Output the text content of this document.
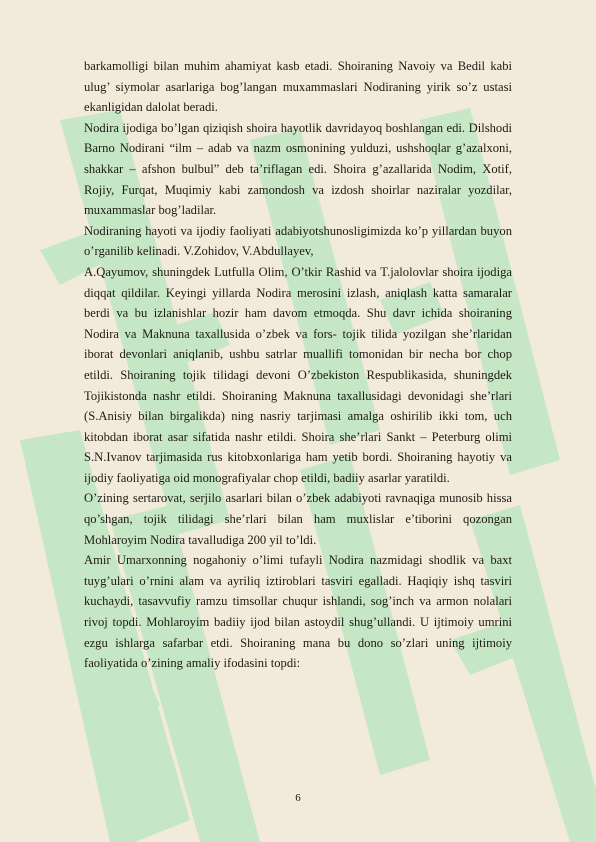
barkamolligi bilan muhim ahamiyat kasb etadi. Shoiraning Navoiy va Bedil kabi ulug’ siymolar asarlariga bog’langan muxammaslari Nodiraning yirik so’z ustasi ekanligidan dalolat beradi.

Nodira ijodiga bo’lgan qiziqish shoira hayotlik davridayoq boshlangan edi. Dilshodi Barno Nodirani “ilm – adab va nazm osmonining yulduzi, ushshoqlar g’azalxoni, shakkar – afshon bulbul” deb ta’riflagan edi. Shoira g’azallarida Nodim, Xotif, Rojiy, Furqat, Muqimiy kabi zamondosh va izdosh shoirlar naziralar yozdilar, muxammaslar bog’ladilar.

Nodiraning hayoti va ijodiy faoliyati adabiyotshunosligimizda ko’p yillardan buyon o’rganilib kelinadi. V.Zohidov, V.Abdullayev,

A.Qayumov, shuningdek Lutfulla Olim, O’tkir Rashid va T.jalolovlar shoira ijodiga diqqat qildilar. Keyingi yillarda Nodira merosini izlash, aniqlash katta samaralar berdi va bu izlanishlar hozir ham davom etmoqda. Shu davr ichida shoiraning Nodira va Maknuna taxallusida o’zbek va fors- tojik tilida yozilgan she’rlaridan iborat devonlari aniqlanib, ushbu satrlar muallifi tomonidan bir necha bor chop etildi. Shoiraning tojik tilidagi devoni O’zbekiston Respublikasida, shuningdek Tojikistonda nashr etildi. Shoiraning Maknuna taxallusidagi devonidagi she’rlari (S.Anisiy bilan birgalikda) ning nasriy tarjimasi amalga oshirilib ikki tom, uch kitobdan iborat asar sifatida nashr etildi. Shoira she’rlari Sankt – Peterburg olimi S.N.Ivanov tarjimasida rus kitobxonlariga ham yetib bordi. Shoiraning hayotiy va ijodiy faoliyatiga oid monografiyalar chop etildi, badiiy asarlar yaratildi.

O’zining sertarovat, serjilo asarlari bilan o’zbek adabiyoti ravnaqiga munosib hissa qo’shgan, tojik tilidagi she’rlari bilan ham muxlislar e’tiborini qozongan Mohlaroyim Nodira tavalludiga 200 yil to’ldi.

Amir Umarxonning nogahoniy o’limi tufayli Nodira nazmidagi shodlik va baxt tuyg’ulari o’rnini alam va ayriliq iztiroblari tasviri egalladi. Haqiqiy ishq tasviri kuchaydi, tasavvufiy ramzu timsollar chuqur ishlandi, sog’inch va armon nolalari rivoj topdi. Mohlaroyim badiiy ijod bilan astoydil shug’ullandi. U ijtimoiy umrini ezgu ishlarga safarbar etdi. Shoiraning mana bu dono so’zlari uning ijtimoiy faoliyatida o’zining amaliy ifodasini topdi:

6
